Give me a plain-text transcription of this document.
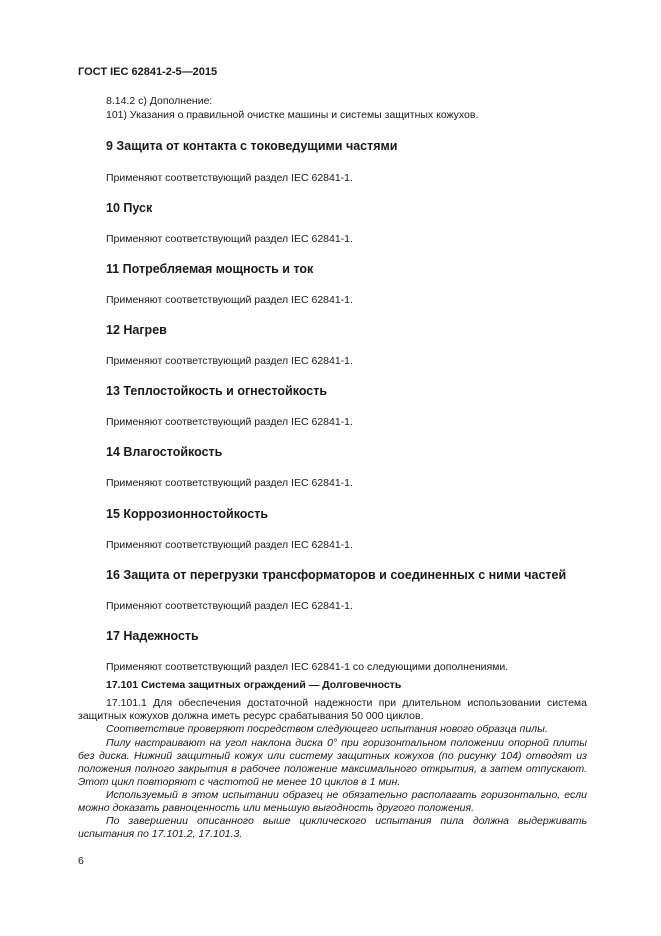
ГОСТ IEC 62841-2-5—2015
8.14.2 с) Дополнение:
101) Указания о правильной очистке машины и системы защитных кожухов.
9 Защита от контакта с токоведущими частями
Применяют соответствующий раздел IEC 62841-1.
10 Пуск
Применяют соответствующий раздел IEC 62841-1.
11 Потребляемая мощность и ток
Применяют соответствующий раздел IEC 62841-1.
12 Нагрев
Применяют соответствующий раздел IEC 62841-1.
13 Теплостойкость и огнестойкость
Применяют соответствующий раздел IEC 62841-1.
14 Влагостойкость
Применяют соответствующий раздел IEC 62841-1.
15 Коррозионностойкость
Применяют соответствующий раздел IEC 62841-1.
16 Защита от перегрузки трансформаторов и соединенных с ними частей
Применяют соответствующий раздел IEC 62841-1.
17 Надежность
Применяют соответствующий раздел IEC 62841-1 со следующими дополнениями.
17.101 Система защитных ограждений — Долговечность
17.101.1 Для обеспечения достаточной надежности при длительном использовании система защитных кожухов должна иметь ресурс срабатывания 50 000 циклов.
Соответствие проверяют посредством следующего испытания нового образца пилы.
Пилу настраивают на угол наклона диска 0° при горизонтальном положении опорной плиты без диска. Нижний защитный кожух или систему защитных кожухов (по рисунку 104) отводят из положения полного закрытия в рабочее положение максимального открытия, а затем отпускают. Этот цикл повторяют с частотой не менее 10 циклов в 1 мин.
Используемый в этом испытании образец не обязательно располагать горизонтально, если можно доказать равноценность или меньшую выгодность другого положения.
По завершении описанного выше циклического испытания пила должна выдерживать испытания по 17.101.2, 17.101.3.
6
